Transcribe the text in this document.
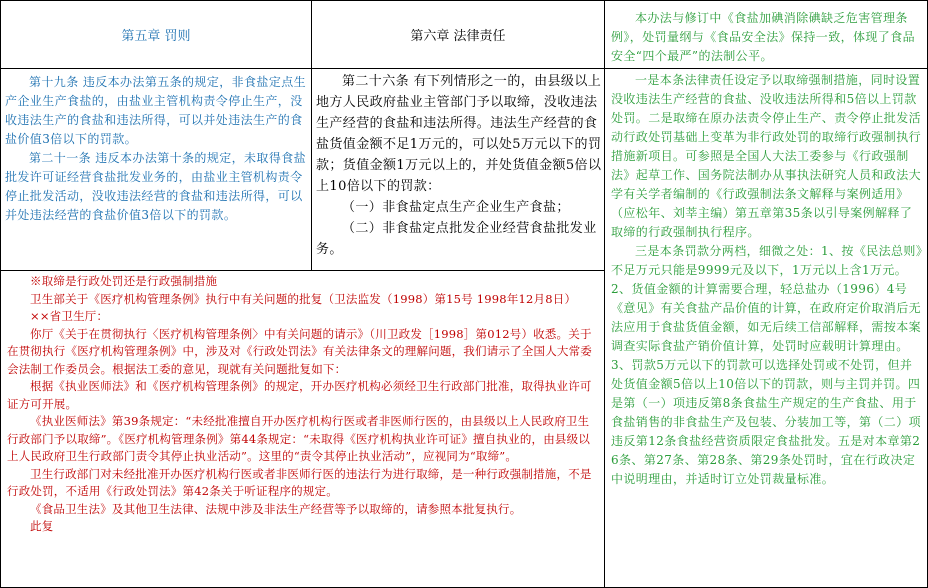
第五章 罚则	第六章 法律责任

本办法与修订中《食盐加碘消除碘缺乏危害管理条例》，处罚量纲与《食品安全法》保持一致，体现了食品安全“四个最严”的法制公平。

第十九条 违反本办法第五条的规定，非食盐定点生产企业生产食盐的，由盐业主管机构责令停止生产，没收违法生产的食盐和违法所得，可以并处违法生产的食盐价值3倍以下的罚款。

第二十一条 违反本办法第十条的规定，未取得食盐批发许可证经营食盐批发业务的，由盐业主管机构责令停止批发活动，没收违法经营的食盐和违法所得，可以并处违法经营的食盐价值3倍以下的罚款。

第二十六条 有下列情形之一的，由县级以上地方人民政府盐业主管部门予以取缔，没收违法生产经营的食盐和违法所得。违法生产经营的食盐货值金额不足1万元的，可以处5万元以下的罚款；货值金额1万元以上的，并处货值金额5倍以上10倍以下的罚款：

（一）非食盐定点生产企业生产食盐；

（二）非食盐定点批发企业经营食盐批发业务。

一是本条法律责任设定予以取缔强制措施，同时设置没收违法生产经营的食盐、没收违法所得和5倍以上罚款处罚。二是取缔在原办法责令停止生产、责令停止批发活动行政处罚基础上变革为非行政处罚的取缔行政强制执行措施新项目。可参照是全国人大法工委参与《行政强制法》起草工作、国务院法制办从事执法研究人员和政法大学有关学者编制的《行政强制法条文解释与案例适用》（应松年、刘莘主编）第五章第35条以引导案例解释了取缔的行政强制执行程序。

三是本条罚款分两档，细微之处：1、按《民法总则》不足万元只能是9999元及以下，1万元以上含1万元。2、货值金额的计算需要合理，轻总盐办（1996）4号《意见》有关食盐产品价值的计算，在政府定价取消后无法应用于食盐货值金额，如无后续工信部解释，需按本案调查实际食盐产销价值计算，处罚时应载明计算理由。3、罚款5万元以下的罚款可以选择处罚或不处罚，但并处货值金额5倍以上10倍以下的罚款，则与主罚并罚。四是第（一）项违反第8条食盐生产规定的生产食盐、用于食盐销售的非食盐生产及包装、分装加工等，第（二）项违反第12条食盐经营资质限定食盐批发。五是对本章第26条、第27条、第28条、第29条处罚时，宜在行政决定中说明理由，并适时订立处罚裁量标准。

※取缔是行政处罚还是行政强制措施

卫生部关于《医疗机构管理条例》执行中有关问题的批复（卫法监发（1998）第15号 1998年12月8日）

××省卫生厅：

你厅《关于在贯彻执行〈医疗机构管理条例〉中有关问题的请示》（川卫政发［1998］第012号）收悉。关于在贯彻执行《医疗机构管理条例》中，涉及对《行政处罚法》有关法律条文的理解问题，我们请示了全国人大常委会法制工作委员会。根据法工委的意见，现就有关问题批复如下：

根据《执业医师法》和《医疗机构管理条例》的规定，开办医疗机构必须经卫生行政部门批准，取得执业许可证方可开展。

《执业医师法》第39条规定：“未经批准擅自开办医疗机构行医或者非医师行医的，由县级以上人民政府卫生行政部门予以取缔”。《医疗机构管理条例》第44条规定：“未取得《医疗机构执业许可证》擅自执业的，由县级以上人民政府卫生行政部门责令其停止执业活动”。这里的“责令其停止执业活动”，应视同为“取缔”。

卫生行政部门对未经批准开办医疗机构行医或者非医师行医的违法行为进行取缔，是一种行政强制措施，不是行政处罚，不适用《行政处罚法》第42条关于听证程序的规定。

《食品卫生法》及其他卫生法律、法规中涉及非法生产经营等予以取缔的，请参照本批复执行。

此复
